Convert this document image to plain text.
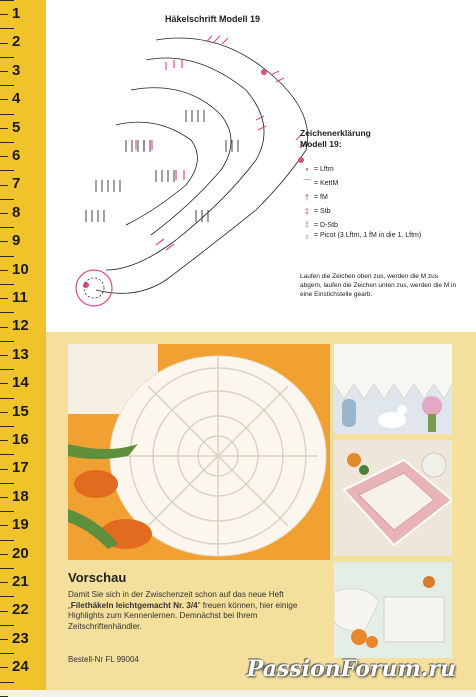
1
2
3
4
5
6
7
8
9
10
11
12
13
14
15
16
17
18
19
20
21
22
23
24
Häkelschrift Modell 19
Zeichenerklärung
Modell 19:
• = Lftm
⌒ = KettM
† = fM
‡ = Stb
⟟ = D-Stb
♁ = Picot (3 Lftm, 1 fM in die 1. Lftm)
Laufen die Zeichen oben zus, werden die M zus abgem, laufen die Zeichen unten zus, werden die M in eine Einstichstelle gearb.
Vorschau
Damit Sie sich in der Zwischenzeit schon auf das neue Heft „Filethäkeln leichtgemacht Nr. 3/4“ freuen können, hier einige Highlights zum Kennenlernen. Demnächst bei Ihrem Zeitschriftenhändler.
Bestell-Nr FL 99004	PassionForum.ru
